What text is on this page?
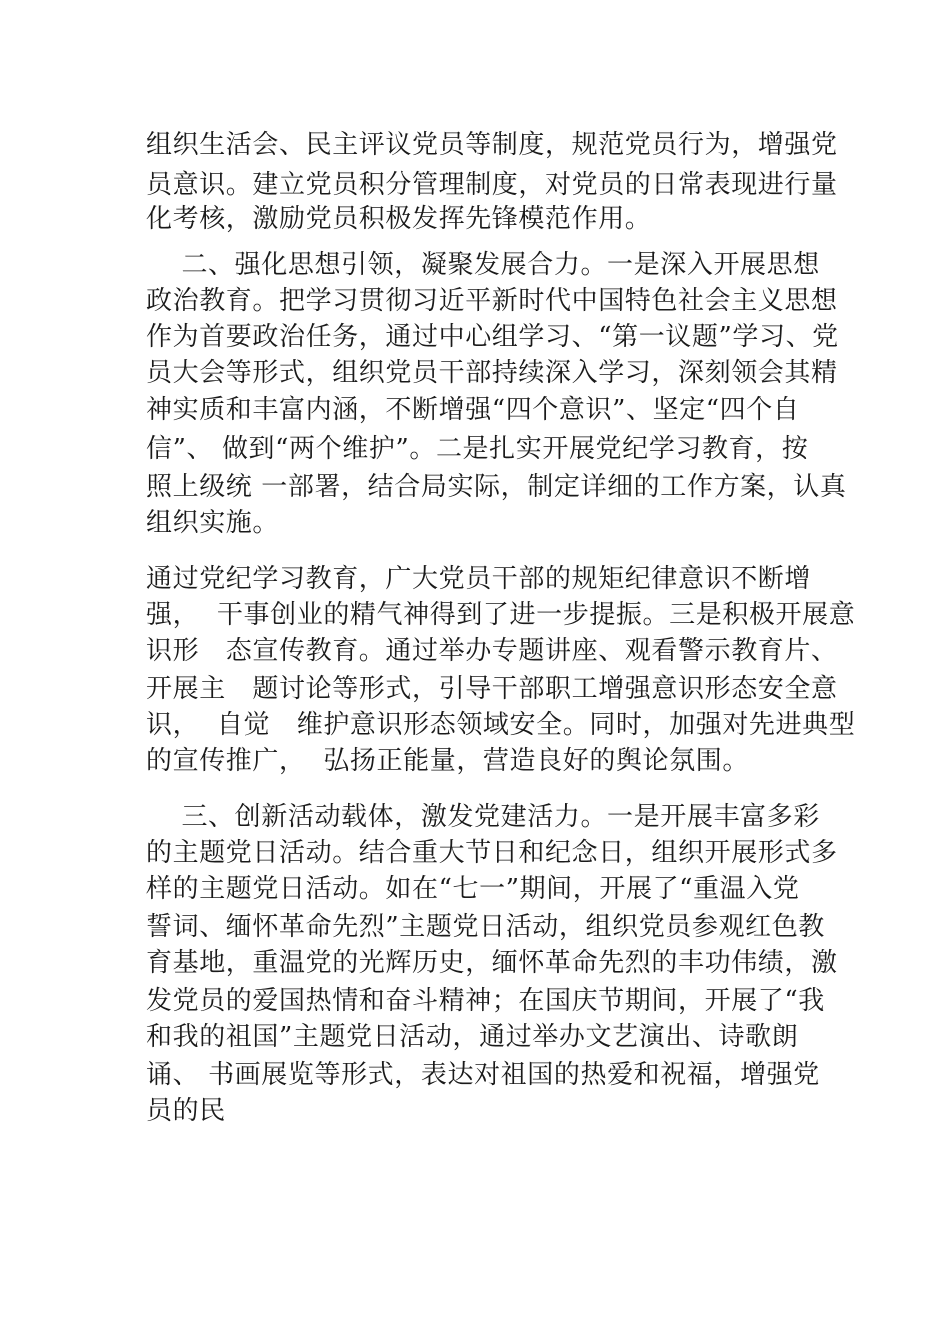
组织生活会、民主评议党员等制度，规范党员行为，增强党
员意识。建立党员积分管理制度，对党员的日常表现进行量
化考核，激励党员积极发挥先锋模范作用。
二、强化思想引领，凝聚发展合力。一是深入开展思想
政治教育。把学习贯彻习近平新时代中国特色社会主义思想
作为首要政治任务，通过中心组学习、“第一议题”学习、党
员大会等形式，组织党员干部持续深入学习，深刻领会其精
神实质和丰富内涵，不断增强“四个意识”、坚定“四个自
信”、 做到“两个维护”。二是扎实开展党纪学习教育，按
照上级统 一部署，结合局实际，制定详细的工作方案，认真
组织实施。
通过党纪学习教育，广大党员干部的规矩纪律意识不断增
强，  干事创业的精气神得到了进一步提振。三是积极开展意
识形   态宣传教育。通过举办专题讲座、观看警示教育片、
开展主   题讨论等形式，引导干部职工增强意识形态安全意
识，  自觉   维护意识形态领域安全。同时，加强对先进典型
的宣传推广，  弘扬正能量，营造良好的舆论氛围。
三、创新活动载体，激发党建活力。一是开展丰富多彩
的主题党日活动。结合重大节日和纪念日，组织开展形式多
样的主题党日活动。如在“七一”期间，开展了“重温入党
誓词、缅怀革命先烈”主题党日活动，组织党员参观红色教
育基地，重温党的光辉历史，缅怀革命先烈的丰功伟绩，激
发党员的爱国热情和奋斗精神；在国庆节期间，开展了“我
和我的祖国”主题党日活动，通过举办文艺演出、诗歌朗
诵、 书画展览等形式，表达对祖国的热爱和祝福，增强党
员的民
